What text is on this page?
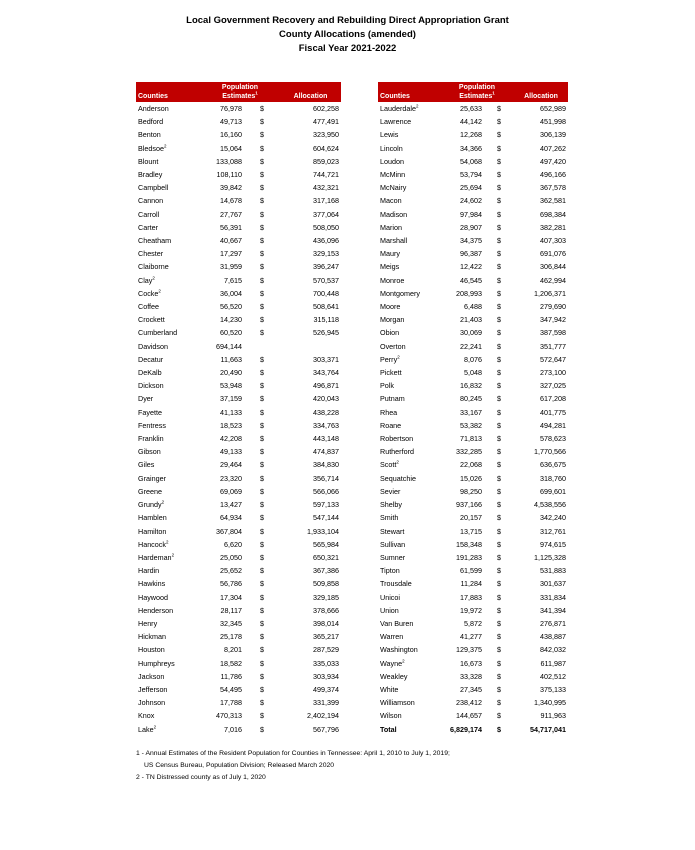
Local Government Recovery and Rebuilding Direct Appropriation Grant
County Allocations (amended)
Fiscal Year 2021-2022
Counties	Population
Estimates$^1$		Allocation
Anderson	76,978	$	602,258
Bedford	49,713	$	477,491
Benton	16,160	$	323,950
Bledsoe$^2$	15,064	$	604,624
Blount	133,088	$	859,023
Bradley	108,110	$	744,721
Campbell	39,842	$	432,321
Cannon	14,678	$	317,168
Carroll	27,767	$	377,064
Carter	56,391	$	508,050
Cheatham	40,667	$	436,096
Chester	17,297	$	329,153
Claiborne	31,959	$	396,247
Clay$^2$	7,615	$	570,537
Cocke$^2$	36,004	$	700,448
Coffee	56,520	$	508,641
Crockett	14,230	$	315,118
Cumberland	60,520	$	526,945
Davidson	694,144		
Decatur	11,663	$	303,371
DeKalb	20,490	$	343,764
Dickson	53,948	$	496,871
Dyer	37,159	$	420,043
Fayette	41,133	$	438,228
Fentress	18,523	$	334,763
Franklin	42,208	$	443,148
Gibson	49,133	$	474,837
Giles	29,464	$	384,830
Grainger	23,320	$	356,714
Greene	69,069	$	566,066
Grundy$^2$	13,427	$	597,133
Hamblen	64,934	$	547,144
Hamilton	367,804	$	1,933,104
Hancock$^2$	6,620	$	565,984
Hardeman$^2$	25,050	$	650,321
Hardin	25,652	$	367,386
Hawkins	56,786	$	509,858
Haywood	17,304	$	329,185
Henderson	28,117	$	378,666
Henry	32,345	$	398,014
Hickman	25,178	$	365,217
Houston	8,201	$	287,529
Humphreys	18,582	$	335,033
Jackson	11,786	$	303,934
Jefferson	54,495	$	499,374
Johnson	17,788	$	331,399
Knox	470,313	$	2,402,194
Lake$^2$	7,016	$	567,796
Counties	Population
Estimates$^1$		Allocation
Lauderdale$^2$	25,633	$	652,989
Lawrence	44,142	$	451,998
Lewis	12,268	$	306,139
Lincoln	34,366	$	407,262
Loudon	54,068	$	497,420
McMinn	53,794	$	496,166
McNairy	25,694	$	367,578
Macon	24,602	$	362,581
Madison	97,984	$	698,384
Marion	28,907	$	382,281
Marshall	34,375	$	407,303
Maury	96,387	$	691,076
Meigs	12,422	$	306,844
Monroe	46,545	$	462,994
Montgomery	208,993	$	1,206,371
Moore	6,488	$	279,690
Morgan	21,403	$	347,942
Obion	30,069	$	387,598
Overton	22,241	$	351,777
Perry$^2$	8,076	$	572,647
Pickett	5,048	$	273,100
Polk	16,832	$	327,025
Putnam	80,245	$	617,208
Rhea	33,167	$	401,775
Roane	53,382	$	494,281
Robertson	71,813	$	578,623
Rutherford	332,285	$	1,770,566
Scott$^2$	22,068	$	636,675
Sequatchie	15,026	$	318,760
Sevier	98,250	$	699,601
Shelby	937,166	$	4,538,556
Smith	20,157	$	342,240
Stewart	13,715	$	312,761
Sullivan	158,348	$	974,615
Sumner	191,283	$	1,125,328
Tipton	61,599	$	531,883
Trousdale	11,284	$	301,637
Unicoi	17,883	$	331,834
Union	19,972	$	341,394
Van Buren	5,872	$	276,871
Warren	41,277	$	438,887
Washington	129,375	$	842,032
Wayne$^2$	16,673	$	611,987
Weakley	33,328	$	402,512
White	27,345	$	375,133
Williamson	238,412	$	1,340,995
Wilson	144,657	$	911,963
Total	6,829,174	$	54,717,041
1 - Annual Estimates of the Resident Population for Counties in Tennessee: April 1, 2010 to July 1, 2019;
US Census Bureau, Population Division; Released March 2020
2 - TN Distressed county as of July 1, 2020
